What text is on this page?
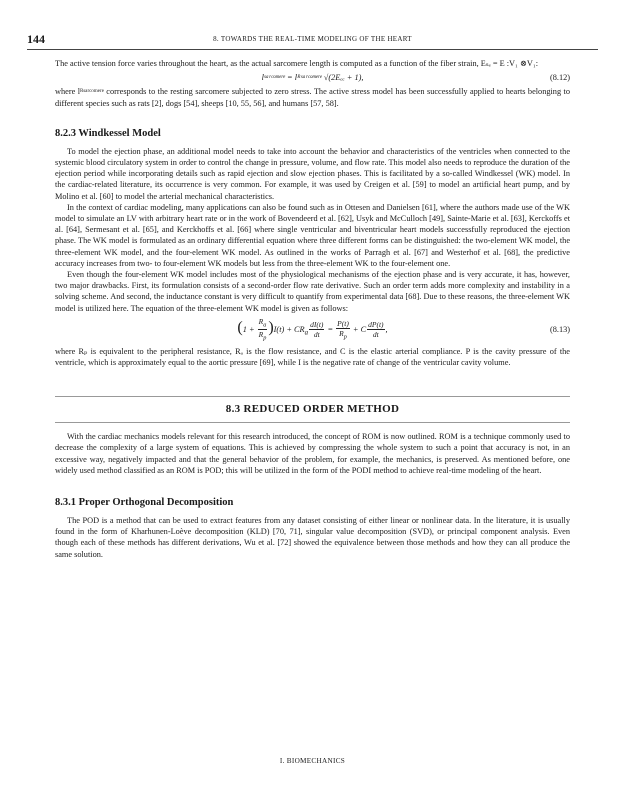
144	8. TOWARDS THE REAL-TIME MODELING OF THE HEART

The active tension force varies throughout the heart, as the actual sarcomere length is computed as a function of the fiber strain, Eₛₑ = E :V₁ ⊗V₁:

lˢᵃʳᶜᵒᵐᵉʳᵉ = lᴿˢᵃʳᶜᵒᵐᵉʳᵉ √(2Eₑₑ + 1),	(8.12)

where lᴿˢᵃʳᶜᵒᵐᵉʳᵉ corresponds to the resting sarcomere subjected to zero stress. The active stress model has been successfully applied to hearts belonging to different species such as rats [2], dogs [54], sheeps [10, 55, 56], and humans [57, 58].

8.2.3 Windkessel Model

To model the ejection phase, an additional model needs to take into account the behavior and characteristics of the ventricles when connected to the systemic blood circulatory system in order to control the change in pressure, volume, and flow rate. This model also needs to reproduce the duration of the ejection period while incorporating details such as rapid ejection and slow ejection phases. This is facilitated by a so-called Windkessel (WK) model. In the cardiac-related literature, its occurrence is very common. For example, it was used by Creigen et al. [59] to model an artificial heart pump, and by Molino et al. [60] to model the arterial mechanical characteristics.

In the context of cardiac modeling, many applications can also be found such as in Ottesen and Danielsen [61], where the authors made use of the WK model to simulate an LV with arbitrary heart rate or in the work of Bovendeerd et al. [62], Usyk and McCulloch [49], Sainte-Marie et al. [63], Kerckoffs et al. [64], Sermesant et al. [65], and Kerckhoffs et al. [66] where single ventricular and biventricular heart models successfully reproduced the ejection phase. The WK model is formulated as an ordinary differential equation where three different forms can be distinguished: the two-element WK model, the three-element WK model, and the four-element WK model. As outlined in the works of Parragh et al. [67] and Westerhof et al. [68], the predictive accuracy increases from two- to four-element WK models but less from the three-element WK to the four-element one.

Even though the four-element WK model includes most of the physiological mechanisms of the ejection phase and is very accurate, it has, however, two major drawbacks. First, its formulation consists of a second-order flow rate derivative. Such an order term adds more complexity and instability in a solving scheme. And second, the inductance constant is very difficult to quantify from experimental data [68]. Due to these reasons, the three-element WK model is utilized here. The equation of the three-element WK model is given as follows:

$(1 + \frac{R_a}{R_p} )I(t) + CR_a \frac{dI(t)}{dt} = \frac{P(t)}{R_p} + C \frac{dP(t)}{dt}$ ,	(8.13)

where Rₚ is equivalent to the peripheral resistance, Rₐ is the flow resistance, and C is the elastic arterial compliance. P is the cavity pressure of the ventricle, which is approximately equal to the aortic pressure [69], while I is the negative rate of change of the ventricular cavity volume.

8.3 REDUCED ORDER METHOD

With the cardiac mechanics models relevant for this research introduced, the concept of ROM is now outlined. ROM is a technique commonly used to decrease the complexity of a large system of equations. This is achieved by compressing the whole system to such a point that accuracy is not, in an excessive way, negatively impacted and that the general behavior of the problem, for example, the mechanics, is preserved. As mentioned before, one widely used method classified as an ROM is POD; this will be utilized in the form of the PODI method to achieve real-time modeling of the heart.

8.3.1 Proper Orthogonal Decomposition

The POD is a method that can be used to extract features from any dataset consisting of either linear or nonlinear data. In the literature, it is usually found in the form of Kharhunen-Loève decomposition (KLD) [70, 71], singular value decomposition (SVD), or principal component analysis. Even though each of these methods has different derivations, Wu et al. [72] showed the equivalence between those methods and how they can all produce the same solution.

I. BIOMECHANICS
